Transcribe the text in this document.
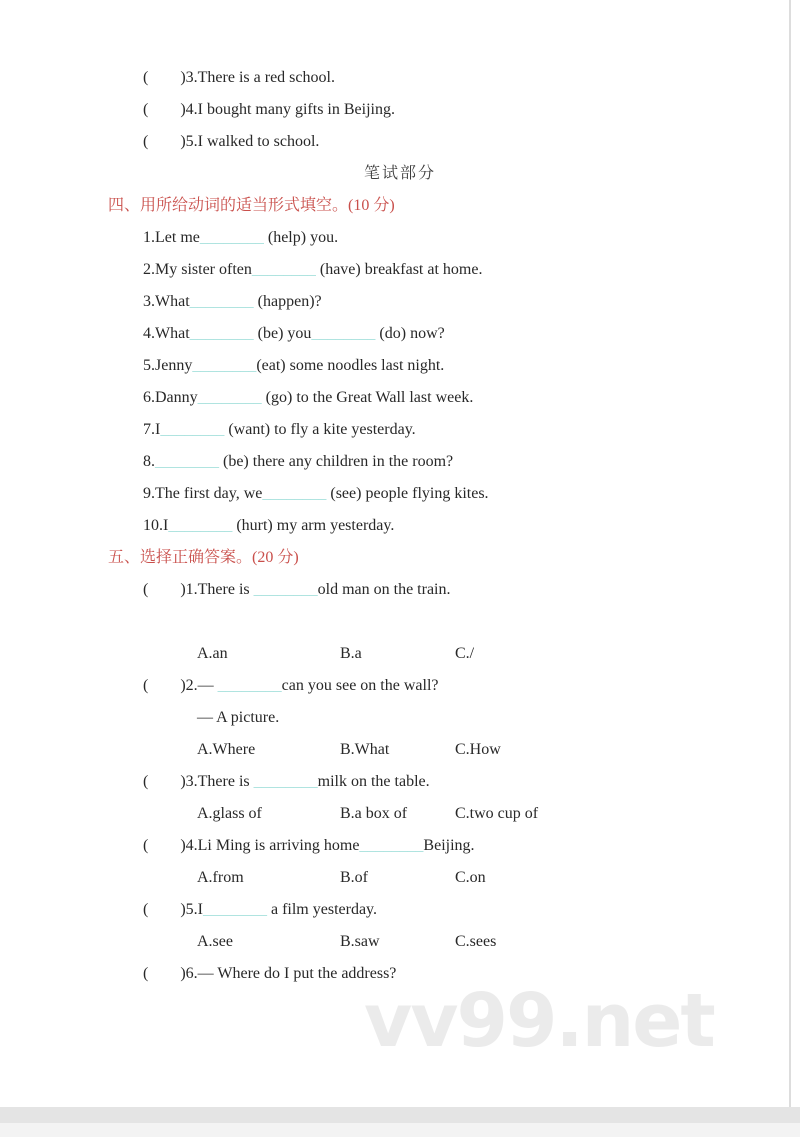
(  )3.There is a red school.
(  )4.I bought many gifts in Beijing.
(  )5.I walked to school.
笔试部分
四、用所给动词的适当形式填空。(10 分)
1.Let me________ (help) you.
2.My sister often________ (have) breakfast at home.
3.What________ (happen)?
4.What________ (be) you________ (do) now?
5.Jenny________(eat) some noodles last night.
6.Danny________ (go) to the Great Wall last week.
7.I________ (want) to fly a kite yesterday.
8.________ (be) there any children in the room?
9.The first day, we________ (see) people flying kites.
10.I________ (hurt) my arm yesterday.
五、选择正确答案。(20 分)
(  )1.There is ________old man on the train.
A.an	B.a	C./
(  )2.— ________can you see on the wall?
— A picture.
A.Where	B.What	C.How
(  )3.There is ________milk on the table.
A.glass of	B.a box of	C.two cup of
(  )4.Li Ming is arriving home________Beijing.
A.from	B.of	C.on
(  )5.I________ a film yesterday.
A.see	B.saw	C.sees
(  )6.— Where do I put the address?
vv99.net
